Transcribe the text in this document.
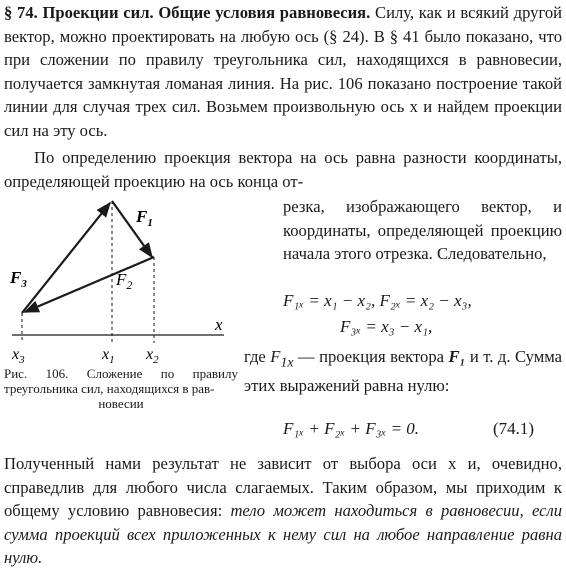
§ 74. Проекции сил. Общие условия равновесия. Силу, как и всякий другой вектор, можно проектировать на любую ось (§ 24). В § 41 было показано, что при сложении по правилу треугольника сил, находящихся в равновесии, получается замкнутая ломаная линия. На рис. 106 показано построение такой линии для случая трех сил. Возьмем произвольную ось x и найдем проекции сил на эту ось.

По определению проекция вектора на ось равна разности координаты, определяющей проекцию на ось конца от-

$F_1$
$F_2$
$F_3$
x
$x_3$	$x_1$ $x_2$

резка, изображающего вектор, и координаты, определяющей проекцию начала этого отрезка. Следовательно,

Рис. 106. Сложение по правилу треугольника сил, находящихся в рав-
новесии

F₁ₓ = x₁ − x₂, F₂ₓ = x₂ − x₃,
F₃ₓ = x₃ − x₁,

где $F_{1x}$ — проекция вектора F₁ и т. д. Сумма этих выражений равна нулю:

F₁ₓ + F₂ₓ + F₃ₓ = 0.	(74.1)

Полученный нами результат не зависит от выбора оси x и, очевидно, справедлив для любого числа слагаемых. Таким образом, мы приходим к общему условию равновесия: тело может находиться в равновесии, если сумма проекций всех приложенных к нему сил на любое направление равна нулю.
